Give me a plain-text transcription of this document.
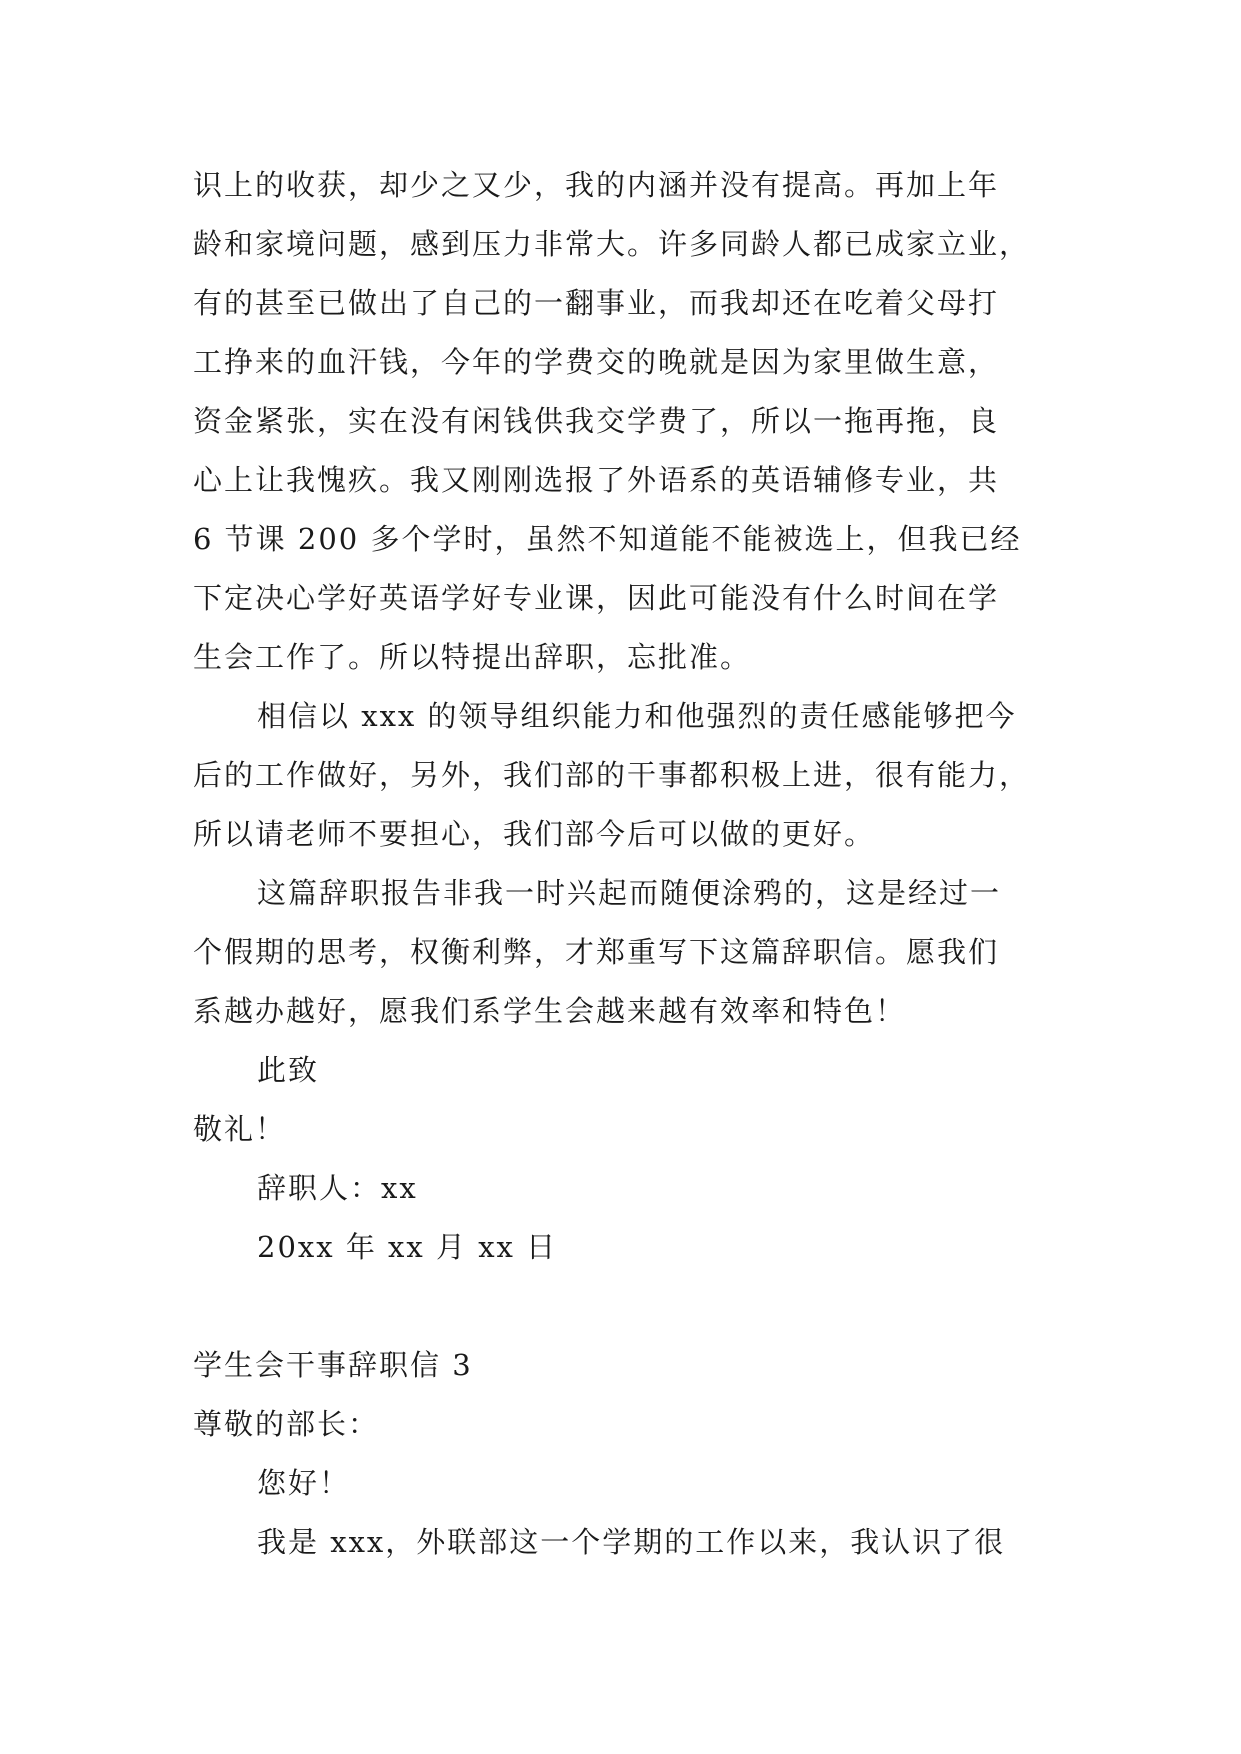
识上的收获，却少之又少，我的内涵并没有提高。再加上年
龄和家境问题，感到压力非常大。许多同龄人都已成家立业，
有的甚至已做出了自己的一翻事业，而我却还在吃着父母打
工挣来的血汗钱，今年的学费交的晚就是因为家里做生意，
资金紧张，实在没有闲钱供我交学费了，所以一拖再拖，良
心上让我愧疚。我又刚刚选报了外语系的英语辅修专业，共
6 节课 200 多个学时，虽然不知道能不能被选上，但我已经
下定决心学好英语学好专业课，因此可能没有什么时间在学
生会工作了。所以特提出辞职，忘批准。
相信以 xxx 的领导组织能力和他强烈的责任感能够把今
后的工作做好，另外，我们部的干事都积极上进，很有能力，
所以请老师不要担心，我们部今后可以做的更好。
这篇辞职报告非我一时兴起而随便涂鸦的，这是经过一
个假期的思考，权衡利弊，才郑重写下这篇辞职信。愿我们
系越办越好，愿我们系学生会越来越有效率和特色！
此致
敬礼！
辞职人：xx
20xx 年 xx 月 xx 日
学生会干事辞职信 3
尊敬的部长：
您好！
我是 xxx，外联部这一个学期的工作以来，我认识了很
